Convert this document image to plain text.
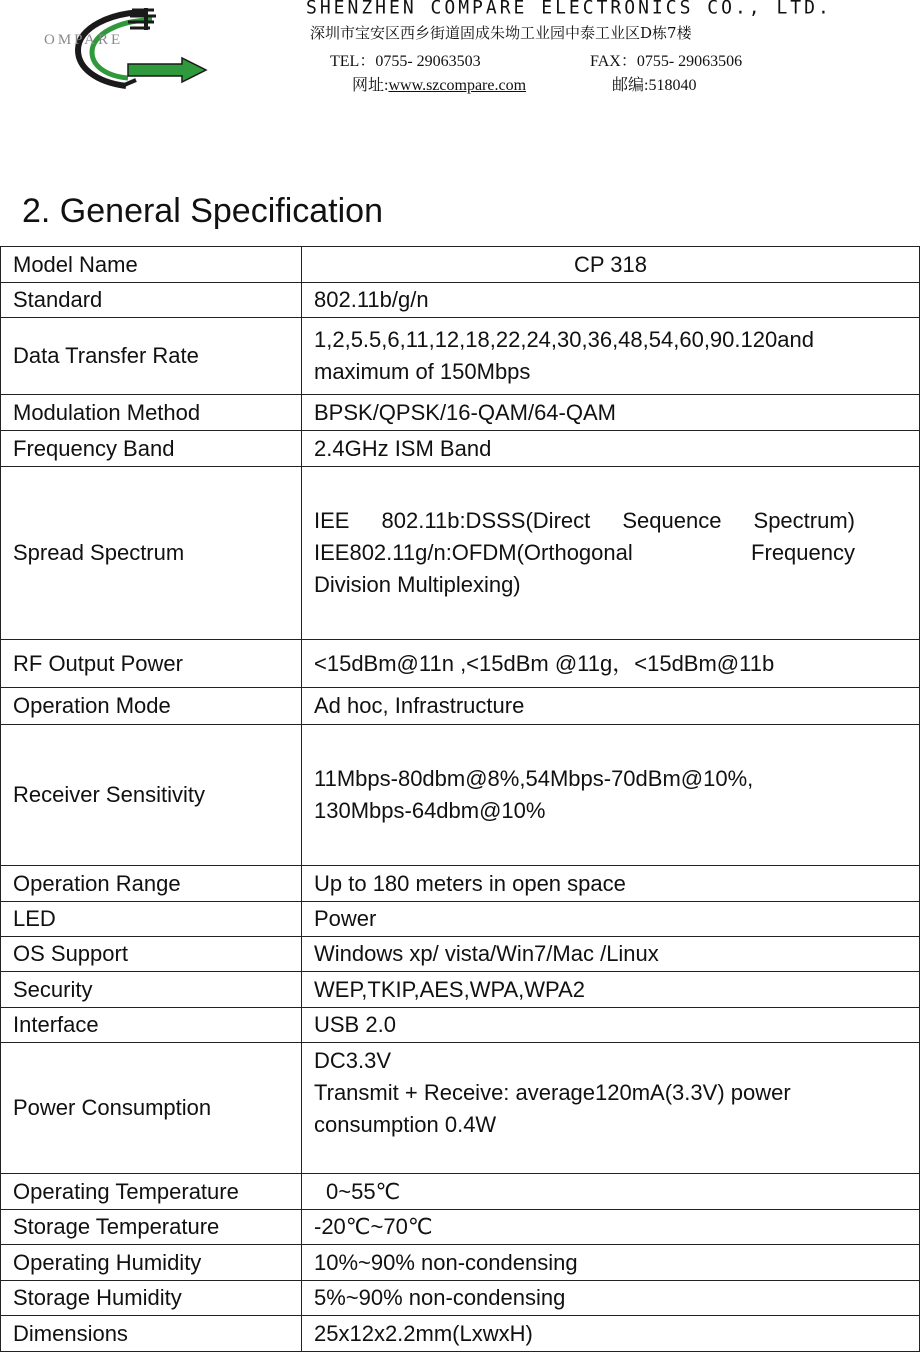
OMPARE
SHENZHEN COMPARE ELECTRONICS CO., LTD.
深圳市宝安区西乡街道固成朱坳工业园中泰工业区D栋7楼
TEL：0755- 29063503	FAX：0755- 29063506
网址:www.szcompare.com	邮编:518040
2. General Specification
Model Name	CP 318

Standard	802.11b/g/n

Data Transfer Rate	1,2,5.5,6,11,12,18,22,24,30,36,48,54,60,90.120and
maximum of 150Mbps

Modulation Method	BPSK/QPSK/16-QAM/64-QAM

Frequency Band	2.4GHz ISM Band

Spread Spectrum	IEE 802.11b:DSSS(Direct Sequence Spectrum)
IEE802.11g/n:OFDM(Orthogonal Frequency
Division Multiplexing)

RF Output Power	<15dBm@11n ,<15dBm @11g，<15dBm@11b

Operation Mode	Ad hoc, Infrastructure

Receiver Sensitivity	11Mbps-80dbm@8%,54Mbps-70dBm@10%,
130Mbps-64dbm@10%

Operation Range	Up to 180 meters in open space

LED	Power

OS Support	Windows xp/ vista/Win7/Mac /Linux

Security	WEP,TKIP,AES,WPA,WPA2

Interface	USB 2.0

Power Consumption	DC3.3V
Transmit + Receive: average120mA(3.3V) power
consumption 0.4W

Operating Temperature	0~55℃

Storage Temperature	-20℃~70℃

Operating Humidity	10%~90% non-condensing

Storage Humidity	5%~90% non-condensing

Dimensions	25x12x2.2mm(LxwxH)
